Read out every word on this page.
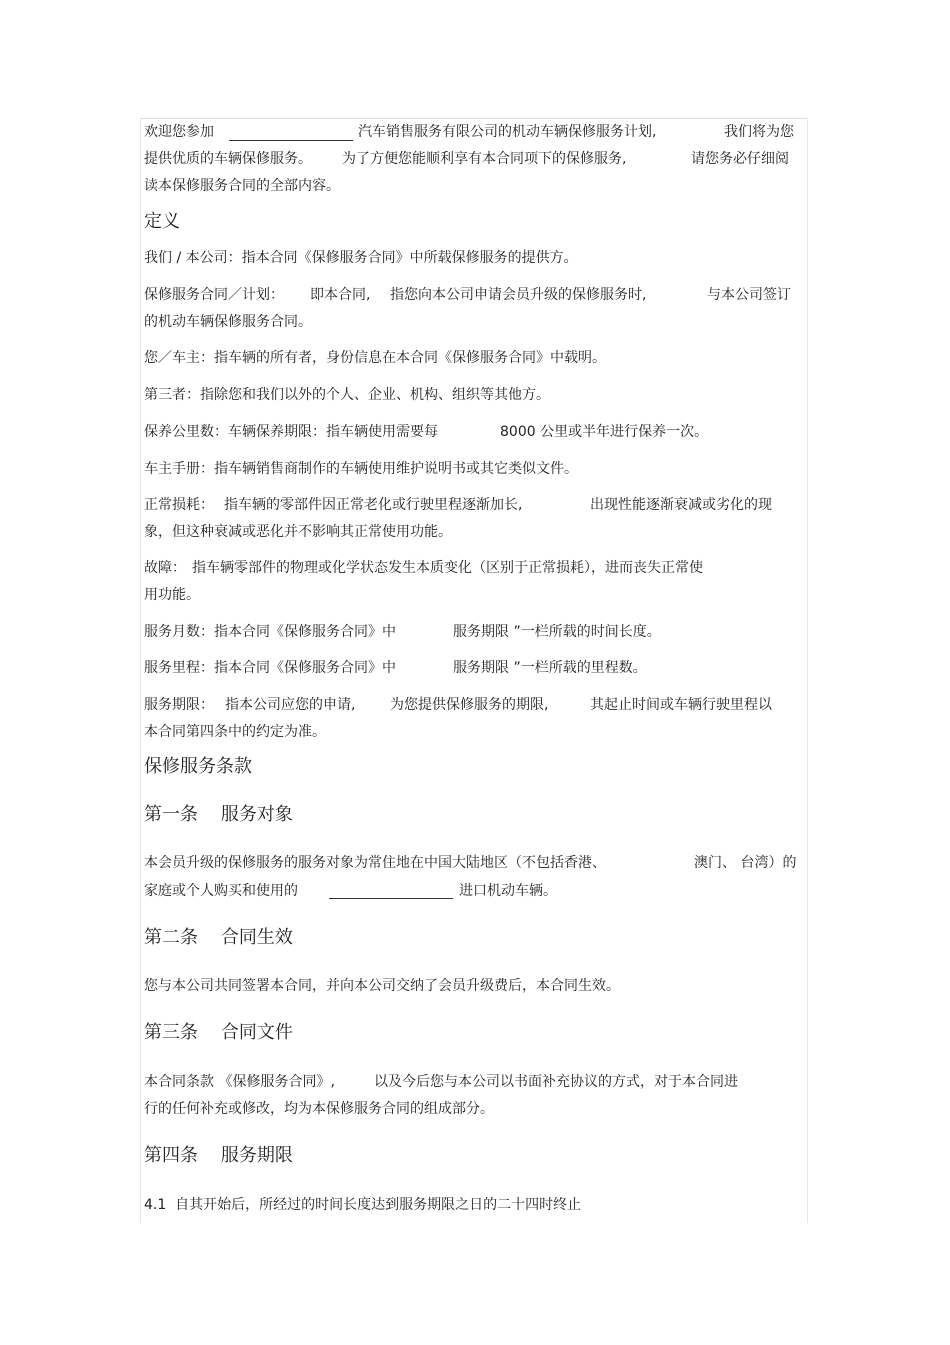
欢迎您参加	汽车销售服务有限公司的机动车辆保修服务计划,	我们将为您
提供优质的车辆保修服务。 为了方便您能顺利享有本合同项下的保修服务,	请您务必仔细阅
读本保修服务合同的全部内容。
定义
我们 / 本公司：指本合同《保修服务合同》中所载保修服务的提供方。
保修服务合同／计划： 即本合同, 指您向本公司申请会员升级的保修服务时,	与本公司签订
的机动车辆保修服务合同。
您／车主：指车辆的所有者，身份信息在本合同《保修服务合同》中载明。
第三者：指除您和我们以外的个人、企业、机构、组织等其他方。
保养公里数：车辆保养期限：指车辆使用需要每	8000 公里或半年进行保养一次。
车主手册：指车辆销售商制作的车辆使用维护说明书或其它类似文件。
正常损耗： 指车辆的零部件因正常老化或行驶里程逐渐加长,	出现性能逐渐衰减或劣化的现
象，但这种衰减或恶化并不影响其正常使用功能。
故障： 指车辆零部件的物理或化学状态发生本质变化（区别于正常损耗），进而丧失正常使
用功能。
服务月数：指本合同《保修服务合同》中	服务期限 ”一栏所载的时间长度。
服务里程：指本合同《保修服务合同》中	服务期限 ”一栏所载的里程数。
服务期限： 指本公司应您的申请, 为您提供保修服务的期限,	其起止时间或车辆行驶里程以
本合同第四条中的约定为准。
保修服务条款
第一条    服务对象
本会员升级的保修服务的服务对象为常住地在中国大陆地区（不包括香港、	澳门、 台湾）的
家庭或个人购买和使用的	进口机动车辆。
第二条    合同生效
您与本公司共同签署本合同，并向本公司交纳了会员升级费后，本合同生效。
第三条    合同文件
本合同条款 《保修服务合同》,	以及今后您与本公司以书面补充协议的方式，对于本合同进
行的任何补充或修改，均为本保修服务合同的组成部分。
第四条    服务期限
4.1  自其开始后，所经过的时间长度达到服务期限之日的二十四时终止
